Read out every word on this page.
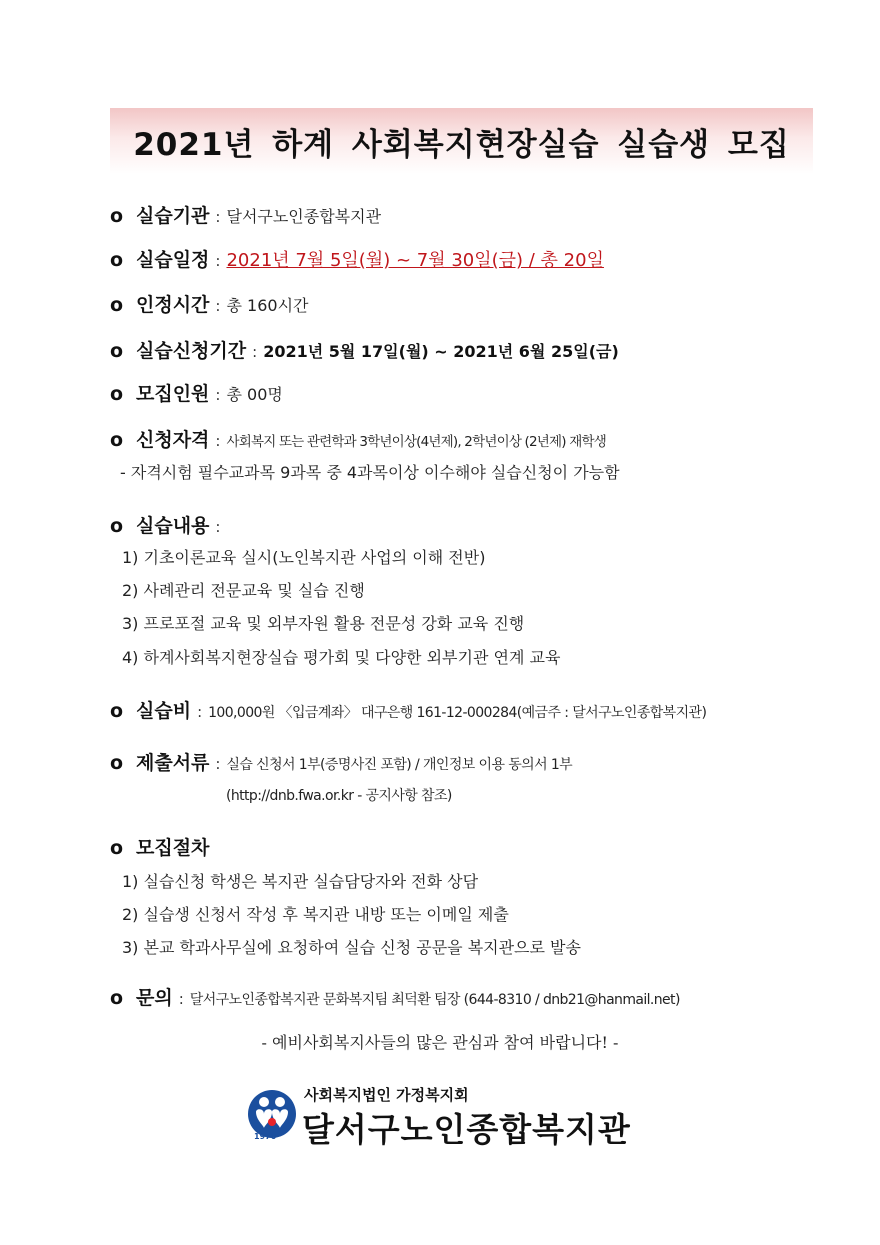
2021년 하계 사회복지현장실습 실습생 모집
o 실습기관 : 달서구노인종합복지관
o 실습일정 : 2021년 7월 5일(월) ~ 7월 30일(금) / 총 20일
o 인정시간 : 총 160시간
o 실습신청기간 : 2021년 5월 17일(월) ~ 2021년 6월 25일(금)
o 모집인원 : 총 00명
o 신청자격 : 사회복지 또는 관련학과 3학년이상(4년제), 2학년이상 (2년제) 재학생
- 자격시험 필수교과목 9과목 중 4과목이상 이수해야 실습신청이 가능함
o 실습내용 :
1) 기초이론교육 실시(노인복지관 사업의 이해 전반)
2) 사례관리 전문교육 및 실습 진행
3) 프로포절 교육 및 외부자원 활용 전문성 강화 교육 진행
4) 하계사회복지현장실습 평가회 및 다양한 외부기관 연계 교육
o 실습비 : 100,000원 〈입금계좌〉 대구은행 161-12-000284(예금주 : 달서구노인종합복지관)
o 제출서류 : 실습 신청서 1부(증명사진 포함) / 개인정보 이용 동의서 1부
(http://dnb.fwa.or.kr - 공지사항 참조)
o 모집절차
1) 실습신청 학생은 복지관 실습담당자와 전화 상담
2) 실습생 신청서 작성 후 복지관 내방 또는 이메일 제출
3) 본교 학과사무실에 요청하여 실습 신청 공문을 복지관으로 발송
o 문의 : 달서구노인종합복지관 문화복지팀 최덕환 팀장 (644-8310 / dnb21@hanmail.net)
- 예비사회복지사들의 많은 관심과 참여 바랍니다! -
1970
사회복지법인 가정복지회
달서구노인종합복지관
